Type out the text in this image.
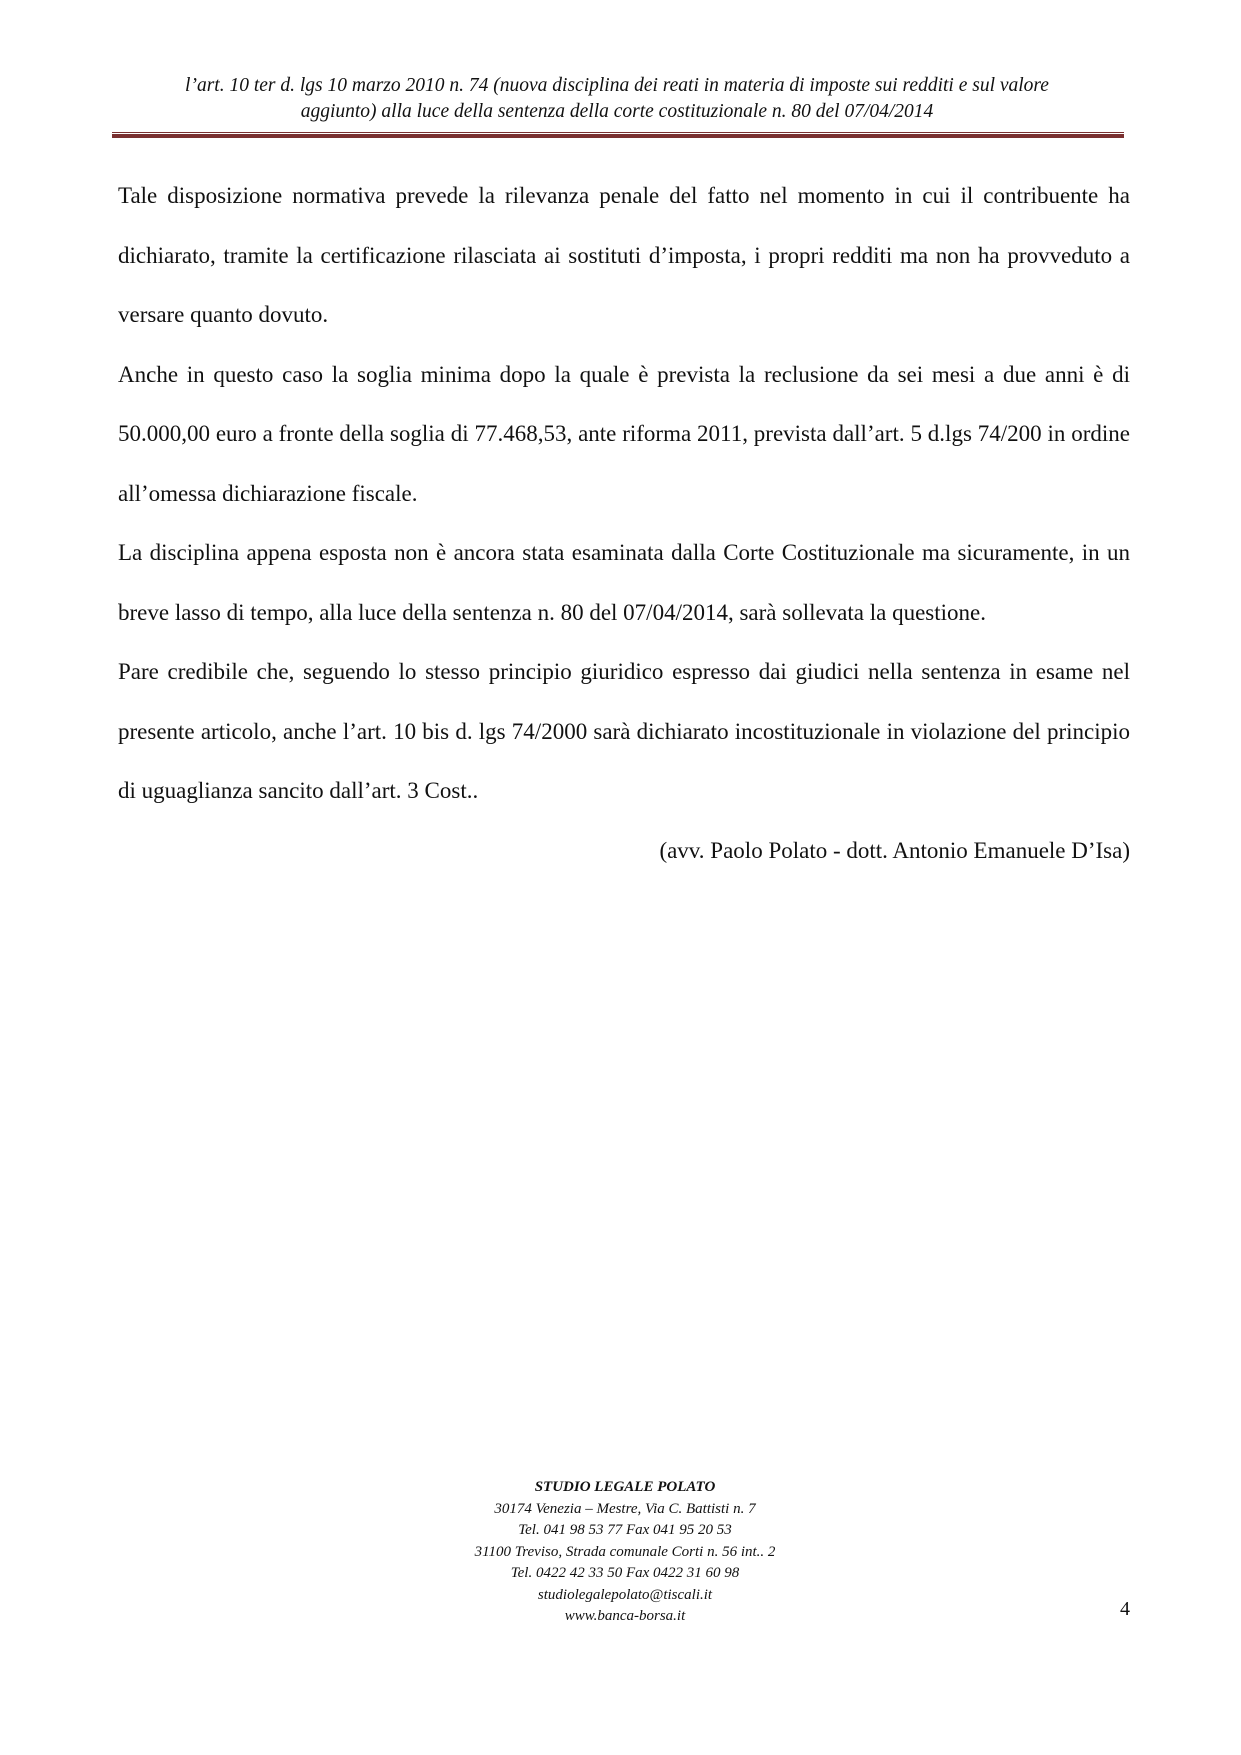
l’art. 10 ter d. lgs 10 marzo 2010 n. 74 (nuova disciplina dei reati in materia di imposte sui redditi e sul valore
aggiunto) alla luce della sentenza della corte costituzionale n. 80 del 07/04/2014

Tale disposizione normativa prevede la rilevanza penale del fatto nel momento in cui il contribuente ha dichiarato, tramite la certificazione rilasciata ai sostituti d’imposta, i propri redditi ma non ha provveduto a versare quanto dovuto.

Anche in questo caso la soglia minima dopo la quale è prevista la reclusione da sei mesi a due anni è di 50.000,00 euro a fronte della soglia di 77.468,53, ante riforma 2011, prevista dall’art. 5 d.lgs 74/200 in ordine all’omessa dichiarazione fiscale.

La disciplina appena esposta non è ancora stata esaminata dalla Corte Costituzionale ma sicuramente, in un breve lasso di tempo, alla luce della sentenza n. 80 del 07/04/2014, sarà sollevata la questione.

Pare credibile che, seguendo lo stesso principio giuridico espresso dai giudici nella sentenza in esame nel presente articolo, anche l’art. 10 bis d. lgs 74/2000 sarà dichiarato incostituzionale in violazione del principio di uguaglianza sancito dall’art. 3 Cost..

(avv. Paolo Polato - dott. Antonio Emanuele D’Isa)

STUDIO LEGALE POLATO
30174 Venezia – Mestre, Via C. Battisti n. 7
Tel. 041 98 53 77 Fax 041 95 20 53
31100 Treviso, Strada comunale Corti n. 56 int.. 2
Tel. 0422 42 33 50 Fax 0422 31 60 98
studiolegalepolato@tiscali.it
www.banca-borsa.it	4
